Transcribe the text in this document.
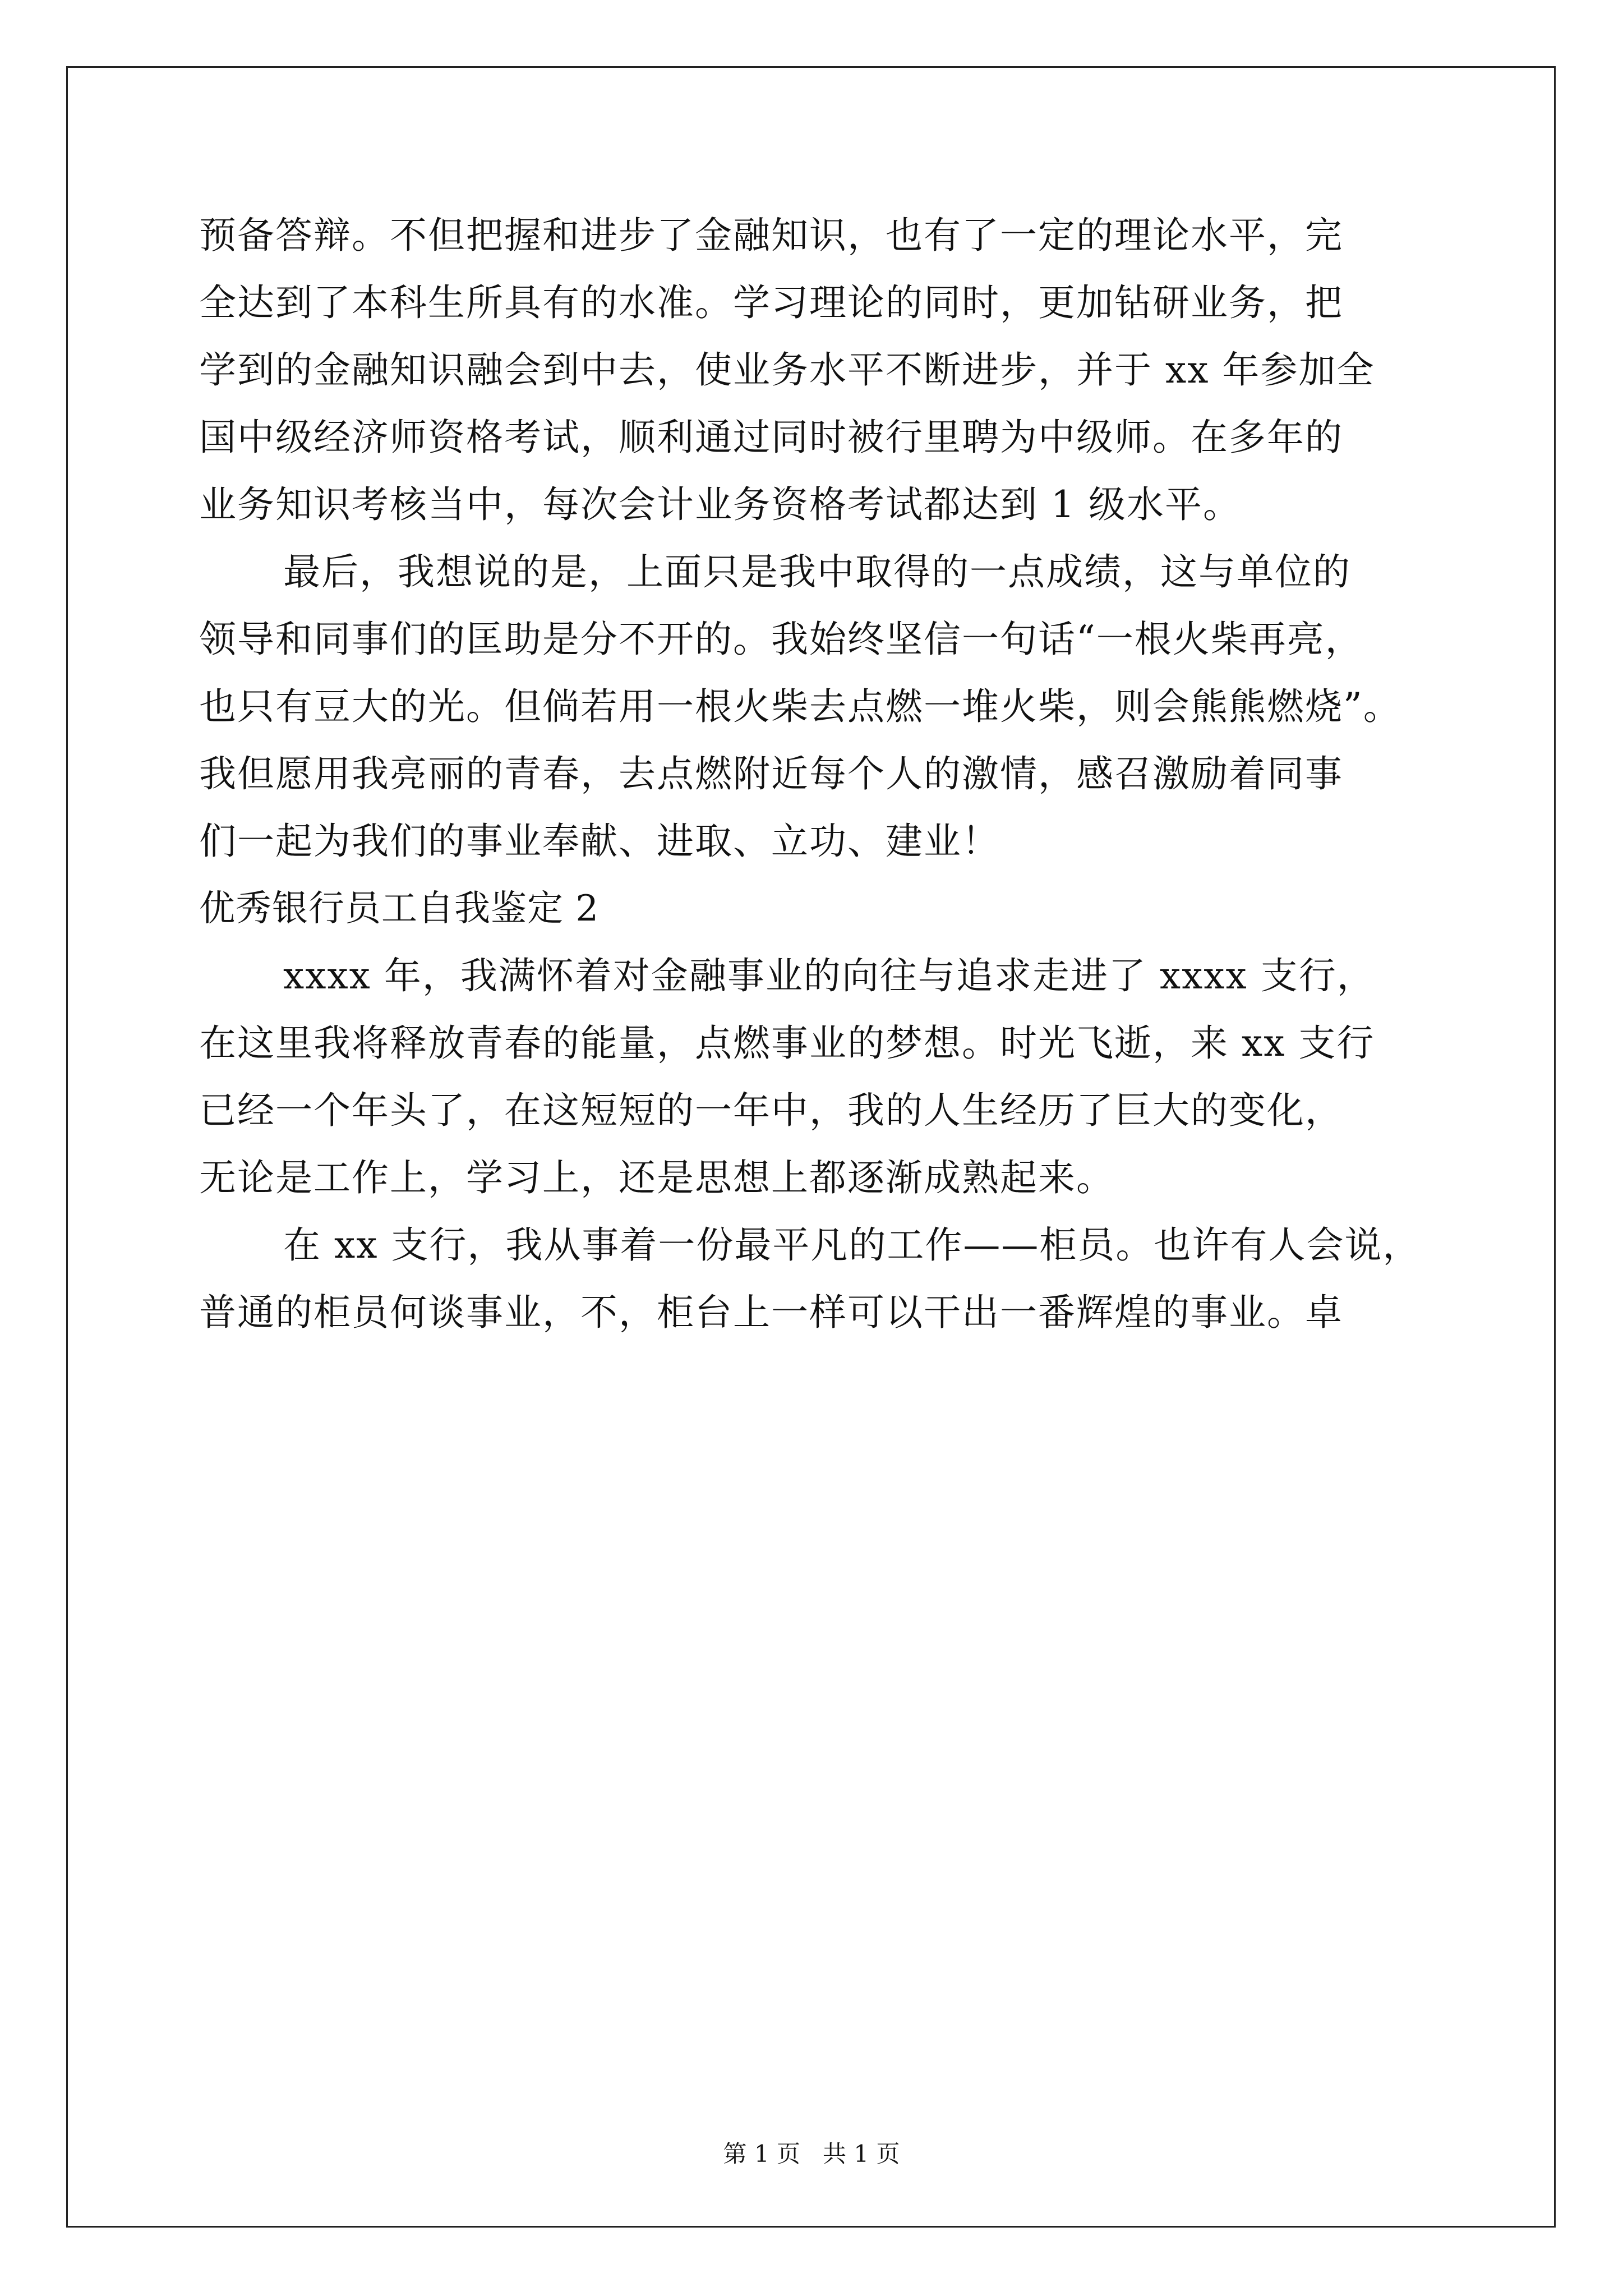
预备答辩。不但把握和进步了金融知识，也有了一定的理论水平，完
全达到了本科生所具有的水准。学习理论的同时，更加钻研业务，把
学到的金融知识融会到中去，使业务水平不断进步，并于 xx 年参加全
国中级经济师资格考试，顺利通过同时被行里聘为中级师。在多年的
业务知识考核当中，每次会计业务资格考试都达到 1 级水平。
最后，我想说的是，上面只是我中取得的一点成绩，这与单位的
领导和同事们的匡助是分不开的。我始终坚信一句话“一根火柴再亮，
也只有豆大的光。但倘若用一根火柴去点燃一堆火柴，则会熊熊燃烧”。
我但愿用我亮丽的青春，去点燃附近每个人的激情，感召激励着同事
们一起为我们的事业奉献、进取、立功、建业！
优秀银行员工自我鉴定 2
xxxx 年，我满怀着对金融事业的向往与追求走进了 xxxx 支行，
在这里我将释放青春的能量，点燃事业的梦想。时光飞逝，来 xx 支行
已经一个年头了，在这短短的一年中，我的人生经历了巨大的变化，
无论是工作上，学习上，还是思想上都逐渐成熟起来。
在 xx 支行，我从事着一份最平凡的工作——柜员。也许有人会说，
普通的柜员何谈事业，不，柜台上一样可以干出一番辉煌的事业。卓
第 1 页   共 1 页
